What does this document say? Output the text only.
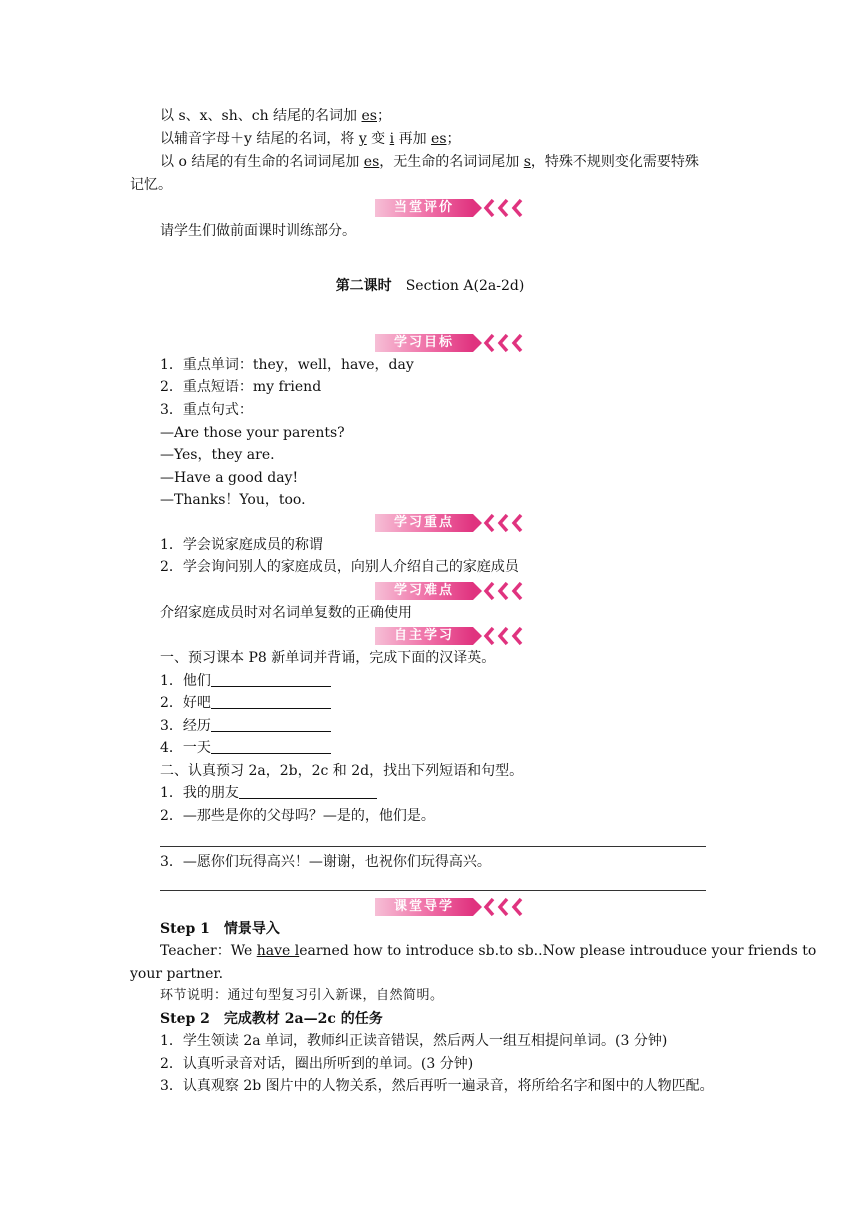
以 s、x、sh、ch 结尾的名词加 es；
以辅音字母＋y 结尾的名词，将 y 变 i 再加 es；
以 o 结尾的有生命的名词词尾加 es，无生命的名词词尾加 s，特殊不规则变化需要特殊
记忆。
当堂评价
请学生们做前面课时训练部分。
第二课时　 Section A(2a-2d)
学习目标
1．重点单词：they，well，have，day
2．重点短语：my friend
3．重点句式：
—Are those your parents?
—Yes，they are.
—Have a good day!
—Thanks！You，too.
学习重点
1．学会说家庭成员的称谓
2．学会询问别人的家庭成员，向别人介绍自己的家庭成员
学习难点
介绍家庭成员时对名词单复数的正确使用
自主学习
一、预习课本 P8 新单词并背诵，完成下面的汉译英。
1．他们
2．好吧
3．经历
4．一天
二、认真预习 2a，2b，2c 和 2d，找出下列短语和句型。
1．我的朋友
2．—那些是你的父母吗？—是的，他们是。
3．—愿你们玩得高兴！—谢谢，也祝你们玩得高兴。
课堂导学
Step 1　情景导入
Teacher：We have learned how to introduce sb.to sb..Now please introuduce your friends to
your partner.
环节说明：通过句型复习引入新课，自然简明。
Step 2　完成教材 2a—2c 的任务
1．学生领读 2a 单词，教师纠正读音错误，然后两人一组互相提问单词。(3 分钟)
2．认真听录音对话，圈出所听到的单词。(3 分钟)
3．认真观察 2b 图片中的人物关系，然后再听一遍录音，将所给名字和图中的人物匹配。
